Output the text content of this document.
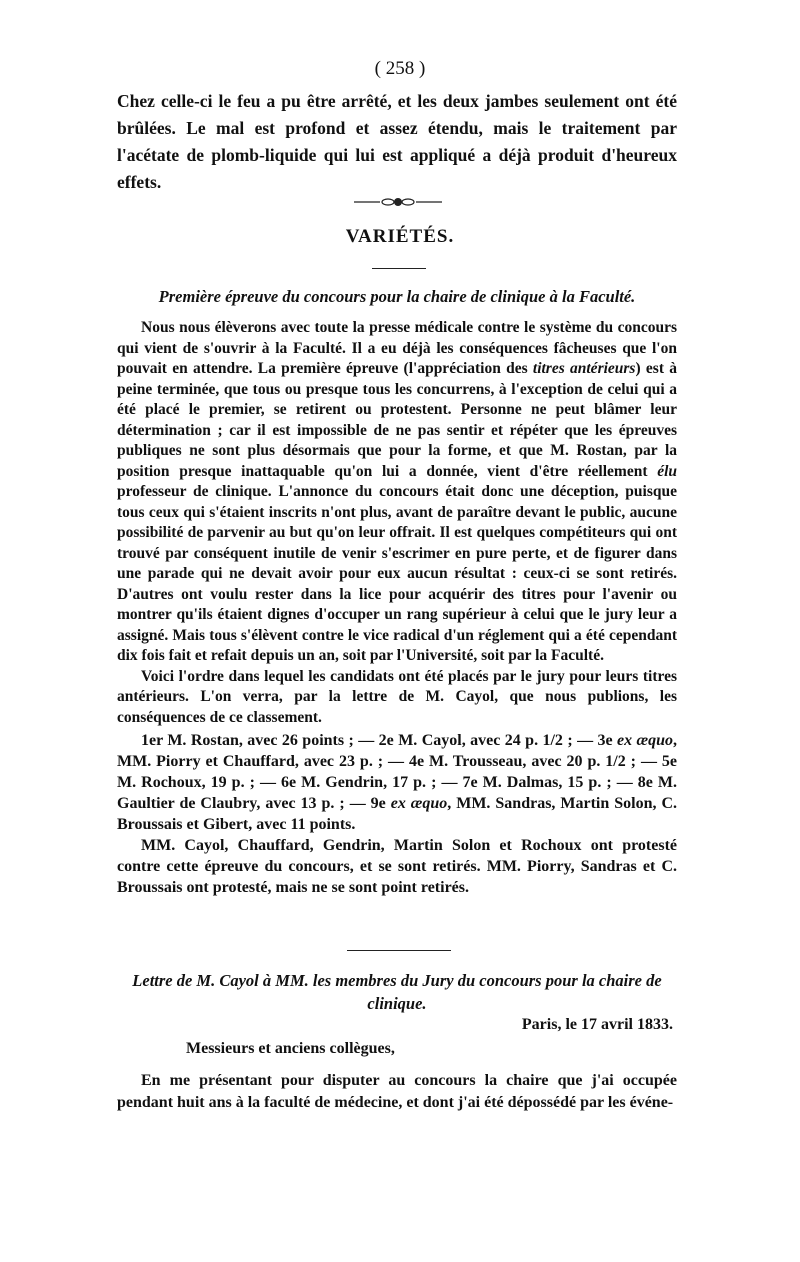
( 258 )
Chez celle-ci le feu a pu être arrêté, et les deux jambes seulement ont été brûlées. Le mal est profond et assez étendu, mais le traitement par l'acétate de plomb-liquide qui lui est appliqué a déjà produit d'heureux effets.
VARIÉTÉS.
Première épreuve du concours pour la chaire de clinique à la Faculté.

Nous nous élèverons avec toute la presse médicale contre le système du concours qui vient de s'ouvrir à la Faculté. Il a eu déjà les conséquences fâcheuses que l'on pouvait en attendre. La première épreuve (l'appréciation des titres antérieurs) est à peine terminée, que tous ou presque tous les concurrens, à l'exception de celui qui a été placé le premier, se retirent ou protestent. Personne ne peut blâmer leur détermination ; car il est impossible de ne pas sentir et répéter que les épreuves publiques ne sont plus désormais que pour la forme, et que M. Rostan, par la position presque inattaquable qu'on lui a donnée, vient d'être réellement élu professeur de clinique. L'annonce du concours était donc une déception, puisque tous ceux qui s'étaient inscrits n'ont plus, avant de paraître devant le public, aucune possibilité de parvenir au but qu'on leur offrait. Il est quelques compétiteurs qui ont trouvé par conséquent inutile de venir s'escrimer en pure perte, et de figurer dans une parade qui ne devait avoir pour eux aucun résultat : ceux-ci se sont retirés. D'autres ont voulu rester dans la lice pour acquérir des titres pour l'avenir ou montrer qu'ils étaient dignes d'occuper un rang supérieur à celui que le jury leur a assigné. Mais tous s'élèvent contre le vice radical d'un réglement qui a été cependant dix fois fait et refait depuis un an, soit par l'Université, soit par la Faculté.

Voici l'ordre dans lequel les candidats ont été placés par le jury pour leurs titres antérieurs. L'on verra, par la lettre de M. Cayol, que nous publions, les conséquences de ce classement.

1er M. Rostan, avec 26 points ; — 2e M. Cayol, avec 24 p. 1/2 ; — 3e ex æquo, MM. Piorry et Chauffard, avec 23 p. ; — 4e M. Trousseau, avec 20 p. 1/2 ; — 5e M. Rochoux, 19 p. ; — 6e M. Gendrin, 17 p. ; — 7e M. Dalmas, 15 p. ; — 8e M. Gaultier de Claubry, avec 13 p. ; — 9e ex æquo, MM. Sandras, Martin Solon, C. Broussais et Gibert, avec 11 points.

MM. Cayol, Chauffard, Gendrin, Martin Solon et Rochoux ont protesté contre cette épreuve du concours, et se sont retirés. MM. Piorry, Sandras et C. Broussais ont protesté, mais ne se sont point retirés.

Lettre de M. Cayol à MM. les membres du Jury du concours pour la chaire de clinique.
Paris, le 17 avril 1833.
Messieurs et anciens collègues,

En me présentant pour disputer au concours la chaire que j'ai occupée pendant huit ans à la faculté de médecine, et dont j'ai été dépossédé par les événe-
